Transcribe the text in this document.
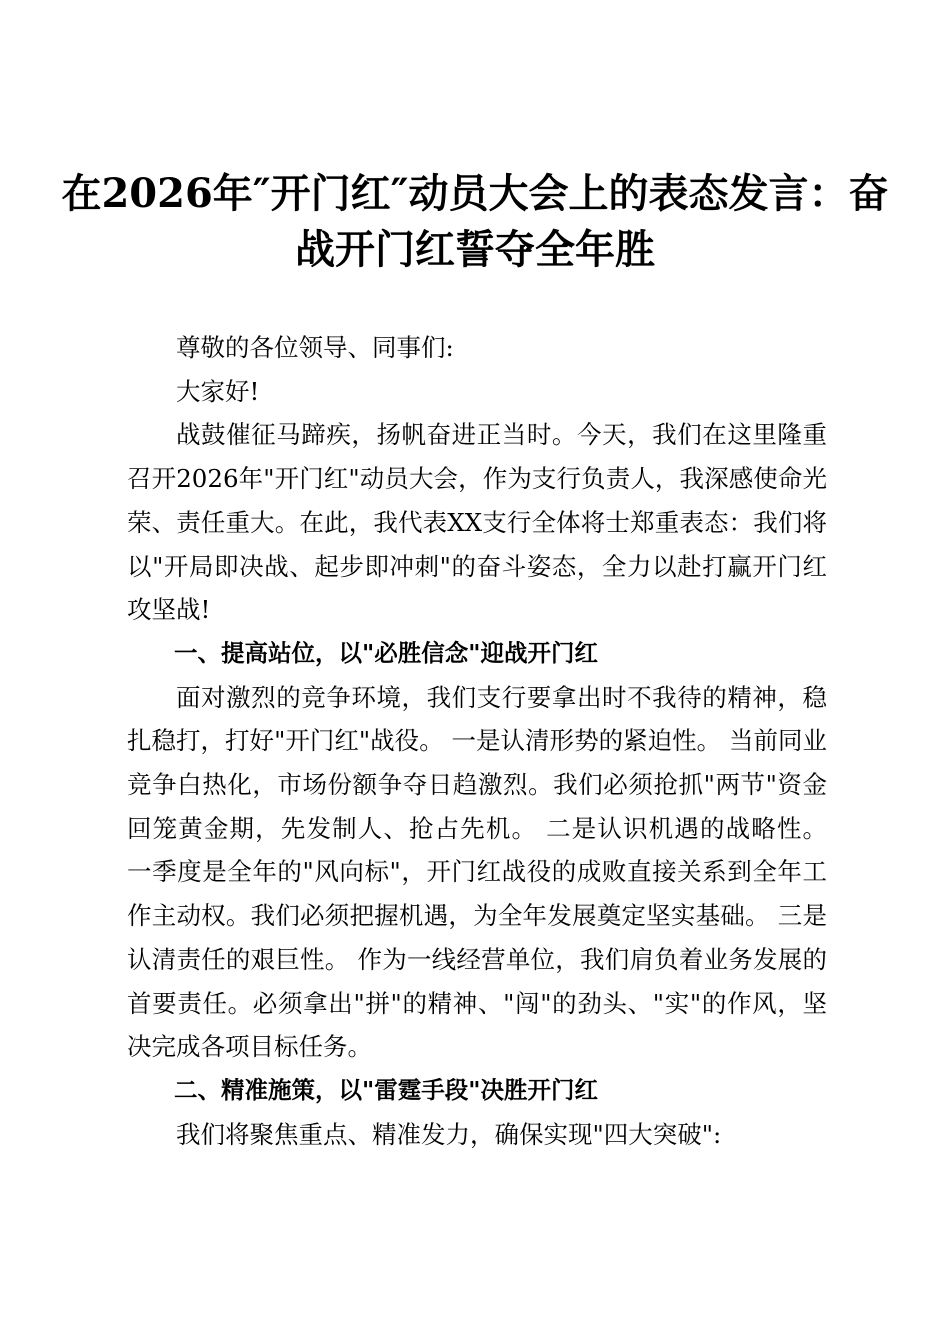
在2026年″开门红″动员大会上的表态发言：奋战开门红誓夺全年胜

尊敬的各位领导、同事们:

大家好!

战鼓催征马蹄疾，扬帆奋进正当时。今天，我们在这里隆重召开2026年"开门红"动员大会，作为支行负责人，我深感使命光荣、责任重大。在此，我代表XX支行全体将士郑重表态：我们将以"开局即决战、起步即冲刺"的奋斗姿态，全力以赴打赢开门红攻坚战!

一、提高站位，以"必胜信念"迎战开门红

面对激烈的竞争环境，我们支行要拿出时不我待的精神，稳扎稳打，打好"开门红"战役。 一是认清形势的紧迫性。 当前同业竞争白热化，市场份额争夺日趋激烈。我们必须抢抓"两节"资金回笼黄金期，先发制人、抢占先机。 二是认识机遇的战略性。 一季度是全年的"风向标"，开门红战役的成败直接关系到全年工作主动权。我们必须把握机遇，为全年发展奠定坚实基础。 三是认清责任的艰巨性。 作为一线经营单位，我们肩负着业务发展的首要责任。必须拿出"拼"的精神、"闯"的劲头、"实"的作风，坚决完成各项目标任务。

二、精准施策，以"雷霆手段"决胜开门红

我们将聚焦重点、精准发力，确保实现"四大突破":
